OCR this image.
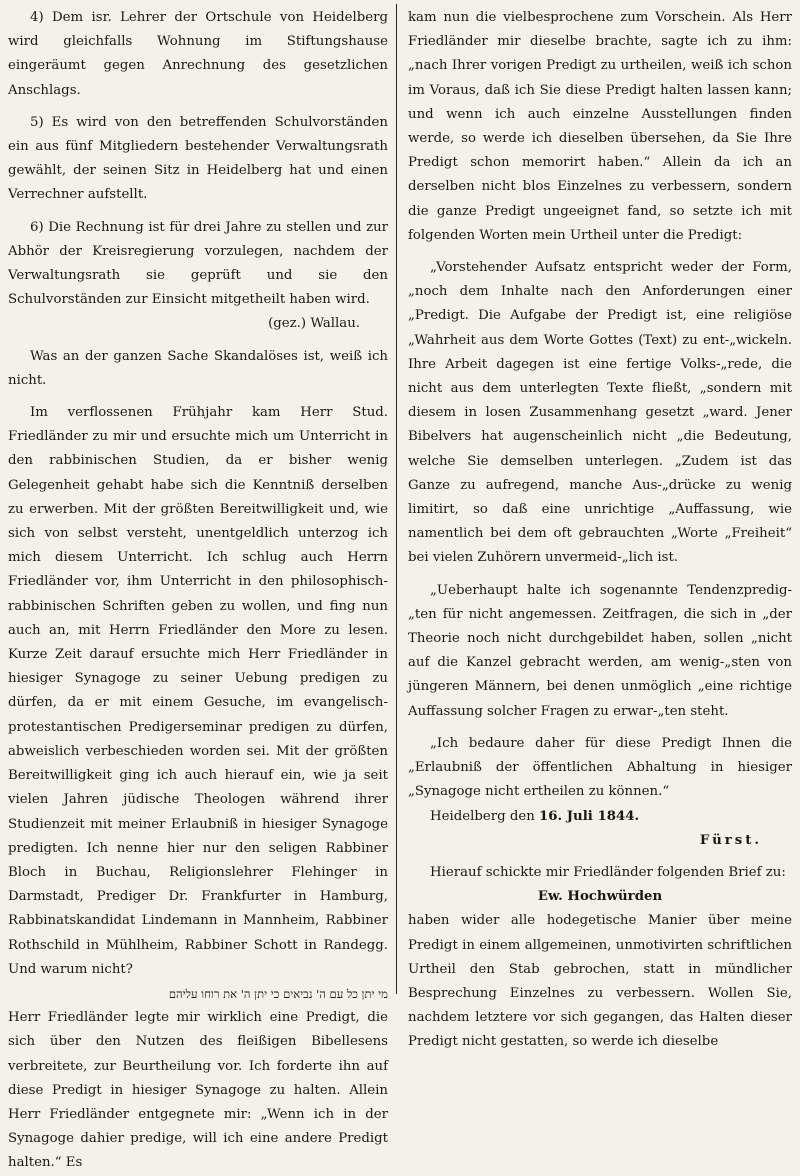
4) Dem isr. Lehrer der Ortschule von Heidelberg wird gleichfalls Wohnung im Stiftungshause eingeräumt gegen Anrechnung des gesetzlichen Anschlags.

5) Es wird von den betreffenden Schulvorständen ein aus fünf Mitgliedern bestehender Verwaltungsrath gewählt, der seinen Sitz in Heidelberg hat und einen Verrechner aufstellt.

6) Die Rechnung ist für drei Jahre zu stellen und zur Abhör der Kreisregierung vorzulegen, nachdem der Verwaltungsrath sie geprüft und sie den Schulvorständen zur Einsicht mitgetheilt haben wird.

(gez.) Wallau.

Was an der ganzen Sache Skandalöses ist, weiß ich nicht.

Im verflossenen Frühjahr kam Herr Stud. Friedländer zu mir und ersuchte mich um Unterricht in den rabbinischen Studien, da er bisher wenig Gelegenheit gehabt habe sich die Kenntniß derselben zu erwerben. Mit der größten Bereitwilligkeit und, wie sich von selbst versteht, unentgeldlich unterzog ich mich diesem Unterricht. Ich schlug auch Herrn Friedländer vor, ihm Unterricht in den philosophisch-rabbinischen Schriften geben zu wollen, und fing nun auch an, mit Herrn Friedländer den More zu lesen. Kurze Zeit darauf ersuchte mich Herr Friedländer in hiesiger Synagoge zu seiner Uebung predigen zu dürfen, da er mit einem Gesuche, im evangelisch-protestantischen Predigerseminar predigen zu dürfen, abweislich verbeschieden worden sei. Mit der größten Bereitwilligkeit ging ich auch hierauf ein, wie ja seit vielen Jahren jüdische Theologen während ihrer Studienzeit mit meiner Erlaubniß in hiesiger Synagoge predigten. Ich nenne hier nur den seligen Rabbiner Bloch in Buchau, Religionslehrer Flehinger in Darmstadt, Prediger Dr. Frankfurter in Hamburg, Rabbinatskandidat Lindemann in Mannheim, Rabbiner Rothschild in Mühlheim, Rabbiner Schott in Randegg. Und warum nicht?

מי יתן כל עם ה' נביאים כי יתן ה' את רוחו עליהם

Herr Friedländer legte mir wirklich eine Predigt, die sich über den Nutzen des fleißigen Bibellesens verbreitete, zur Beurtheilung vor. Ich forderte ihn auf diese Predigt in hiesiger Synagoge zu halten. Allein Herr Friedländer entgegnete mir: „Wenn ich in der Synagoge dahier predige, will ich eine andere Predigt halten.“ Es

kam nun die vielbesprochene zum Vorschein. Als Herr Friedländer mir dieselbe brachte, sagte ich zu ihm: „nach Ihrer vorigen Predigt zu urtheilen, weiß ich schon im Voraus, daß ich Sie diese Predigt halten lassen kann; und wenn ich auch einzelne Ausstellungen finden werde, so werde ich dieselben übersehen, da Sie Ihre Predigt schon memorirt haben.“ Allein da ich an derselben nicht blos Einzelnes zu verbessern, sondern die ganze Predigt ungeeignet fand, so setzte ich mit folgenden Worten mein Urtheil unter die Predigt:

„Vorstehender Aufsatz entspricht weder der Form, „noch dem Inhalte nach den Anforderungen einer „Predigt. Die Aufgabe der Predigt ist, eine religiöse „Wahrheit aus dem Worte Gottes (Text) zu ent-„wickeln. Ihre Arbeit dagegen ist eine fertige Volks-„rede, die nicht aus dem unterlegten Texte fließt, „sondern mit diesem in losen Zusammenhang gesetzt „ward. Jener Bibelvers hat augenscheinlich nicht „die Bedeutung, welche Sie demselben unterlegen. „Zudem ist das Ganze zu aufregend, manche Aus-„drücke zu wenig limitirt, so daß eine unrichtige „Auffassung, wie namentlich bei dem oft gebrauchten „Worte „Freiheit“ bei vielen Zuhörern unvermeid-„lich ist.

„Ueberhaupt halte ich sogenannte Tendenzpredig-„ten für nicht angemessen. Zeitfragen, die sich in „der Theorie noch nicht durchgebildet haben, sollen „nicht auf die Kanzel gebracht werden, am wenig-„sten von jüngeren Männern, bei denen unmöglich „eine richtige Auffassung solcher Fragen zu erwar-„ten steht.

„Ich bedaure daher für diese Predigt Ihnen die „Erlaubniß der öffentlichen Abhaltung in hiesiger „Synagoge nicht ertheilen zu können.“

Heidelberg den 16. Juli 1844.

Fürst.

Hierauf schickte mir Friedländer folgenden Brief zu:

Ew. Hochwürden

haben wider alle hodegetische Manier über meine Predigt in einem allgemeinen, unmotivirten schriftlichen Urtheil den Stab gebrochen, statt in mündlicher Besprechung Einzelnes zu verbessern. Wollen Sie, nachdem letztere vor sich gegangen, das Halten dieser Predigt nicht gestatten, so werde ich dieselbe
